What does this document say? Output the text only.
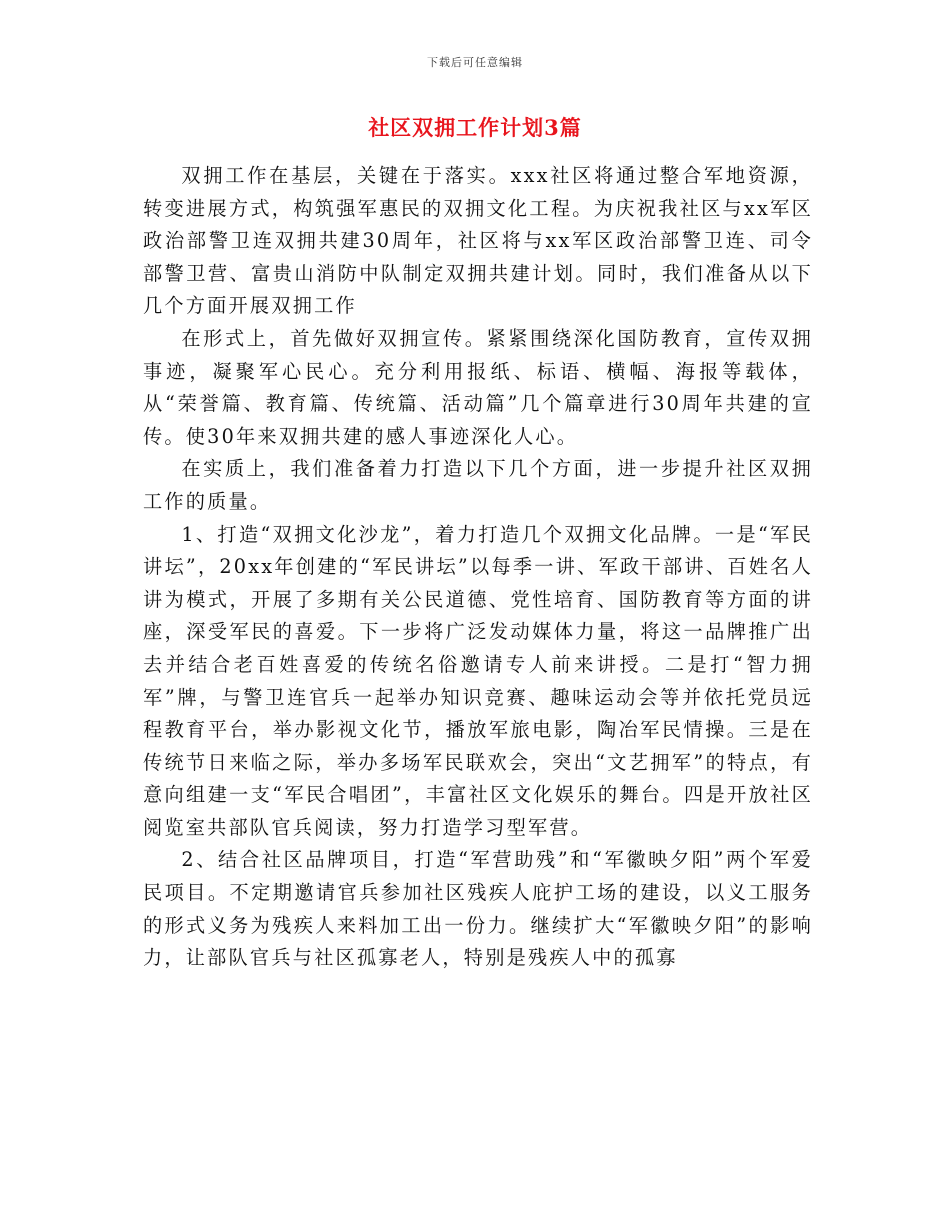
下载后可任意编辑
社区双拥工作计划3篇

双拥工作在基层，关键在于落实。xxx社区将通过整合军地资源，转变进展方式，构筑强军惠民的双拥文化工程。为庆祝我社区与xx军区政治部警卫连双拥共建30周年，社区将与xx军区政治部警卫连、司令部警卫营、富贵山消防中队制定双拥共建计划。同时，我们准备从以下几个方面开展双拥工作

在形式上，首先做好双拥宣传。紧紧围绕深化国防教育，宣传双拥事迹，凝聚军心民心。充分利用报纸、标语、横幅、海报等载体，从“荣誉篇、教育篇、传统篇、活动篇”几个篇章进行30周年共建的宣传。使30年来双拥共建的感人事迹深化人心。

在实质上，我们准备着力打造以下几个方面，进一步提升社区双拥工作的质量。

1、打造“双拥文化沙龙”，着力打造几个双拥文化品牌。一是“军民讲坛”，20xx年创建的“军民讲坛”以每季一讲、军政干部讲、百姓名人讲为模式，开展了多期有关公民道德、党性培育、国防教育等方面的讲座，深受军民的喜爱。下一步将广泛发动媒体力量，将这一品牌推广出去并结合老百姓喜爱的传统名俗邀请专人前来讲授。二是打“智力拥军”牌，与警卫连官兵一起举办知识竞赛、趣味运动会等并依托党员远程教育平台，举办影视文化节，播放军旅电影，陶冶军民情操。三是在传统节日来临之际，举办多场军民联欢会，突出“文艺拥军”的特点，有意向组建一支“军民合唱团”，丰富社区文化娱乐的舞台。四是开放社区阅览室共部队官兵阅读，努力打造学习型军营。

2、结合社区品牌项目，打造“军营助残”和“军徽映夕阳”两个军爱民项目。不定期邀请官兵参加社区残疾人庇护工场的建设，以义工服务的形式义务为残疾人来料加工出一份力。继续扩大“军徽映夕阳”的影响力，让部队官兵与社区孤寡老人，特别是残疾人中的孤寡
